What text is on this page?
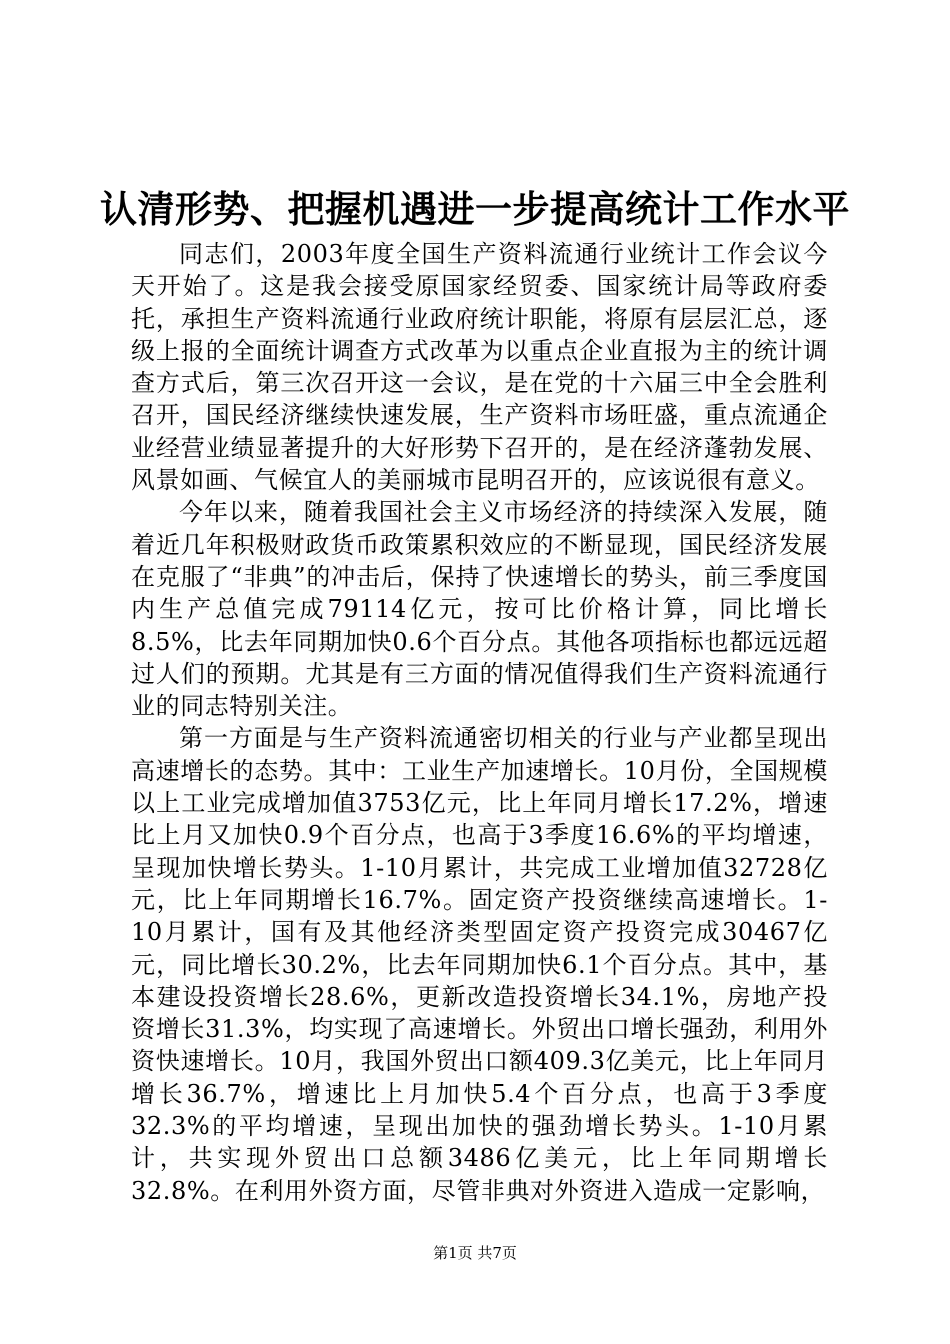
认清形势、把握机遇进一步提高统计工作水平

同志们，2003年度全国生产资料流通行业统计工作会议今天开始了。这是我会接受原国家经贸委、国家统计局等政府委托，承担生产资料流通行业政府统计职能，将原有层层汇总，逐级上报的全面统计调查方式改革为以重点企业直报为主的统计调查方式后，第三次召开这一会议，是在党的十六届三中全会胜利召开，国民经济继续快速发展，生产资料市场旺盛，重点流通企业经营业绩显著提升的大好形势下召开的，是在经济蓬勃发展、风景如画、气候宜人的美丽城市昆明召开的，应该说很有意义。

今年以来，随着我国社会主义市场经济的持续深入发展，随着近几年积极财政货币政策累积效应的不断显现，国民经济发展在克服了“非典”的冲击后，保持了快速增长的势头，前三季度国内生产总值完成79114亿元，按可比价格计算，同比增长8.5%，比去年同期加快0.6个百分点。其他各项指标也都远远超过人们的预期。尤其是有三方面的情况值得我们生产资料流通行业的同志特别关注。

第一方面是与生产资料流通密切相关的行业与产业都呈现出高速增长的态势。其中：工业生产加速增长。10月份，全国规模以上工业完成增加值3753亿元，比上年同月增长17.2%，增速比上月又加快0.9个百分点，也高于3季度16.6%的平均增速，呈现加快增长势头。1-10月累计，共完成工业增加值32728亿元，比上年同期增长16.7%。固定资产投资继续高速增长。1-10月累计，国有及其他经济类型固定资产投资完成30467亿元，同比增长30.2%，比去年同期加快6.1个百分点。其中，基本建设投资增长28.6%，更新改造投资增长34.1%，房地产投资增长31.3%，均实现了高速增长。外贸出口增长强劲，利用外资快速增长。10月，我国外贸出口额409.3亿美元，比上年同月增长36.7%，增速比上月加快5.4个百分点，也高于3季度32.3%的平均增速，呈现出加快的强劲增长势头。1-10月累计，共实现外贸出口总额3486亿美元，比上年同期增长32.8%。在利用外资方面，尽管非典对外资进入造成一定影响，

第1页 共7页
